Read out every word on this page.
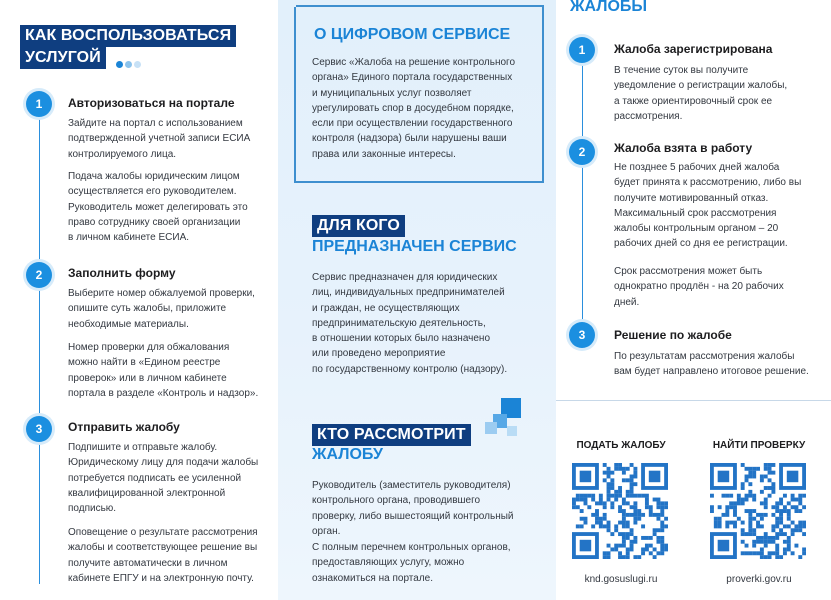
КАК ВОСПОЛЬЗОВАТЬСЯ
УСЛУГОЙ
1	Авторизоваться на портале
Зайдите на портал с использованием
подтвержденной учетной записи ЕСИА
контролируемого лица.
Подача жалобы юридическим лицом
осуществляется его руководителем.
Руководитель может делегировать это
право сотруднику своей организации
в личном кабинете ЕСИА.
2	Заполнить форму
Выберите номер обжалуемой проверки,
опишите суть жалобы, приложите
необходимые материалы.
Номер проверки для обжалования
можно найти в «Едином реестре
проверок» или в личном кабинете
портала в разделе «Контроль и надзор».
3	Отправить жалобу
Подпишите и отправьте жалобу.
Юридическому лицу для подачи жалобы
потребуется подписать ее усиленной
квалифицированной электронной
подписью.
Оповещение о результате рассмотрения
жалобы и соответствующее решение вы
получите автоматически в личном
кабинете ЕПГУ и на электронную почту.
О ЦИФРОВОМ СЕРВИСЕ
Сервис «Жалоба на решение контрольного
органа» Единого портала государственных
и муниципальных услуг позволяет
урегулировать спор в досудебном порядке,
если при осуществлении государственного
контроля (надзора) были нарушены ваши
права или законные интересы.
ДЛЯ КОГО
ПРЕДНАЗНАЧЕН СЕРВИС
Сервис предназначен для юридических
лиц, индивидуальных предпринимателей
и граждан, не осуществляющих
предпринимательскую деятельность,
в отношении которых было назначено
или проведено мероприятие
по государственному контролю (надзору).
КТО РАССМОТРИТ
ЖАЛОБУ
Руководитель (заместитель руководителя)
контрольного органа, проводившего
проверку, либо вышестоящий контрольный
орган.
С полным перечнем контрольных органов,
предоставляющих услугу, можно
ознакомиться на портале.
ЖАЛОБЫ
1	Жалоба зарегистрирована
В течение суток вы получите
уведомление о регистрации жалобы,
а также ориентировочный срок ее
рассмотрения.
2	Жалоба взята в работу
Не позднее 5 рабочих дней жалоба
будет принята к рассмотрению, либо вы
получите мотивированный отказ.
Максимальный срок рассмотрения
жалобы контрольным органом – 20
рабочих дней со дня ее регистрации.
Срок рассмотрения может быть
однократно продлён - на 20 рабочих
дней.
3	Решение по жалобе
По результатам рассмотрения жалобы
вам будет направлено итоговое решение.
ПОДАТЬ ЖАЛОБУ
knd.gosuslugi.ru
НАЙТИ ПРОВЕРКУ
proverki.gov.ru
